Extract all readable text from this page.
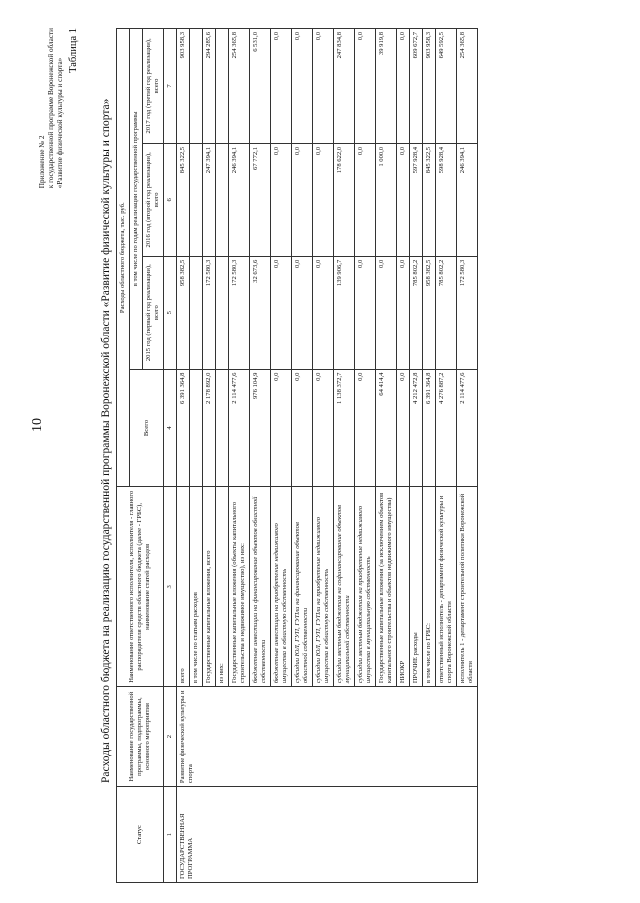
10
Приложение № 2 к государственной программе Воронежской области «Развитие физической культуры и спорта»
Таблица 1
Расходы областного бюджета на реализацию государственной программы Воронежской области «Развитие физической культуры и спорта»
Статус	Наименование государственной программы, подпрограммы, основного мероприятия	Наименование ответственного исполнителя, исполнителя - главного распорядителя средств областного бюджета (далее - ГРБС), наименование статей расходов	Расходы областного бюджета, тыс. руб.			
			Всего	в том числе по годам реализации государственной программы		
				2015 год (первый год реализации), всего	2016 год (второй год реализации), всего	2017 год (третий год реализации), всего
1	2	3	4	5	6	7
ГОСУДАРСТВЕННАЯ ПРОГРАММА	Развитие физической культуры и спорта	всего	6 391 364,8	958 382,5	845 322,5	903 958,3
		в том числе по статьям расходов				
		Государственные капитальные вложения, всего	2 178 892,0	172 580,3	247 394,1	294 285,6
		из них:				
		Государственные капитальные вложения (объекты капитального строительства и недвижимое имущество), из них:	2 114 477,6	172 580,3	246 394,1	254 365,8
		бюджетные инвестиции на финансирование объектов областной собственности	976 104,9	32 673,6	67 772,1	6 531,0
		бюджетные инвестиции на приобретение недвижимого имущества в областную собственность	0,0	0,0	0,0	0,0
		субсидии ЮЛ, ГУП, ГУПли на финансирование объектов областной собственности	0,0	0,0	0,0	0,0
		субсидии ЮЛ, ГУП, ГУПли на приобретение недвижимого имущества в областную собственность	0,0	0,0	0,0	0,0
		субсидии местным бюджетам на софинансирование объектов муниципальной собственности	1 138 372,7	139 906,7	178 622,0	247 834,8
		субсидии местным бюджетам на приобретение недвижимого имущества в муниципальную собственность	0,0	0,0	0,0	0,0
		Государственные капитальные вложения (за исключением объектов капитального строительства и объектов недвижимого имущества)	64 414,4	0,0	1 000,0	39 919,8
		НИОКР	0,0	0,0	0,0	0,0
		ПРОЧИЕ расходы	4 212 472,8	785 802,2	597 928,4	609 672,7
		в том числе по ГРБС:	6 391 364,8	958 382,5	845 322,5	903 958,3
		ответственный исполнитель - департамент физической культуры и спорта Воронежской области	4 276 887,2	785 802,2	598 928,4	649 592,5
		исполнитель 1 - департамент строительной политики Воронежской области	2 114 477,6	172 580,3	246 394,1	254 365,8
